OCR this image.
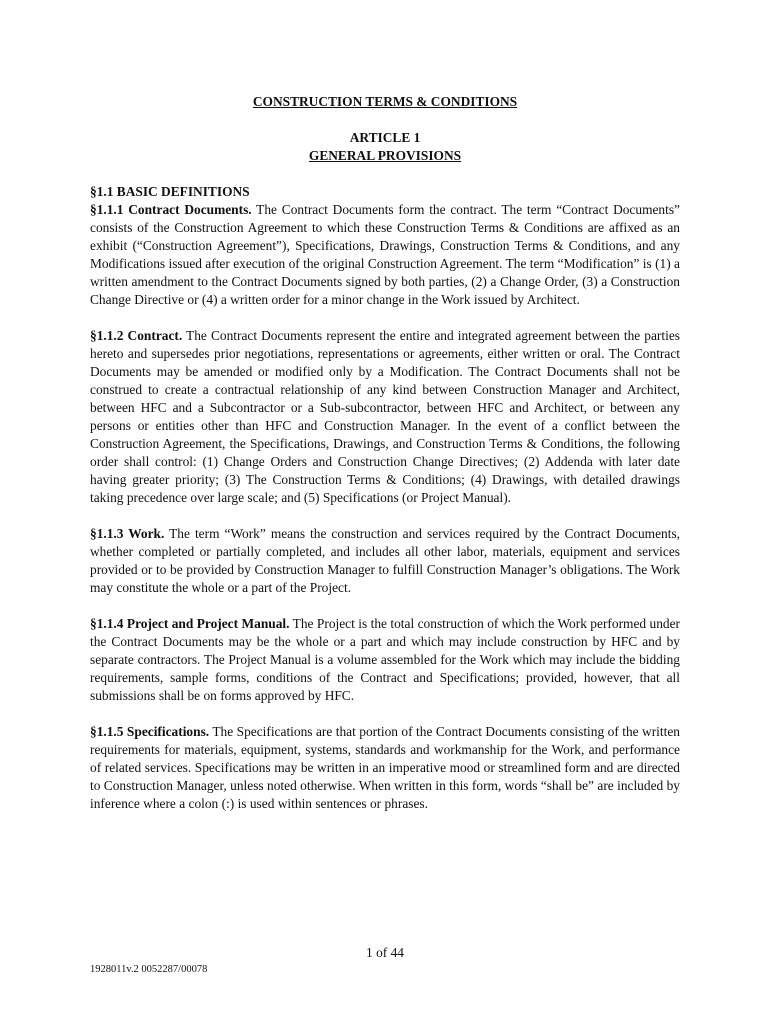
CONSTRUCTION TERMS & CONDITIONS

ARTICLE 1
GENERAL PROVISIONS

§1.1 BASIC DEFINITIONS

§1.1.1 Contract Documents. The Contract Documents form the contract. The term “Contract Documents” consists of the Construction Agreement to which these Construction Terms & Conditions are affixed as an exhibit (“Construction Agreement”), Specifications, Drawings, Construction Terms & Conditions, and any Modifications issued after execution of the original Construction Agreement. The term “Modification” is (1) a written amendment to the Contract Documents signed by both parties, (2) a Change Order, (3) a Construction Change Directive or (4) a written order for a minor change in the Work issued by Architect.

§1.1.2 Contract. The Contract Documents represent the entire and integrated agreement between the parties hereto and supersedes prior negotiations, representations or agreements, either written or oral. The Contract Documents may be amended or modified only by a Modification. The Contract Documents shall not be construed to create a contractual relationship of any kind between Construction Manager and Architect, between HFC and a Subcontractor or a Sub-subcontractor, between HFC and Architect, or between any persons or entities other than HFC and Construction Manager. In the event of a conflict between the Construction Agreement, the Specifications, Drawings, and Construction Terms & Conditions, the following order shall control: (1) Change Orders and Construction Change Directives; (2) Addenda with later date having greater priority; (3) The Construction Terms & Conditions; (4) Drawings, with detailed drawings taking precedence over large scale; and (5) Specifications (or Project Manual).

§1.1.3 Work. The term “Work” means the construction and services required by the Contract Documents, whether completed or partially completed, and includes all other labor, materials, equipment and services provided or to be provided by Construction Manager to fulfill Construction Manager’s obligations. The Work may constitute the whole or a part of the Project.

§1.1.4 Project and Project Manual. The Project is the total construction of which the Work performed under the Contract Documents may be the whole or a part and which may include construction by HFC and by separate contractors. The Project Manual is a volume assembled for the Work which may include the bidding requirements, sample forms, conditions of the Contract and Specifications; provided, however, that all submissions shall be on forms approved by HFC.

§1.1.5 Specifications. The Specifications are that portion of the Contract Documents consisting of the written requirements for materials, equipment, systems, standards and workmanship for the Work, and performance of related services. Specifications may be written in an imperative mood or streamlined form and are directed to Construction Manager, unless noted otherwise. When written in this form, words “shall be” are included by inference where a colon (:) is used within sentences or phrases.

1 of 44
1928011v.2 0052287/00078
